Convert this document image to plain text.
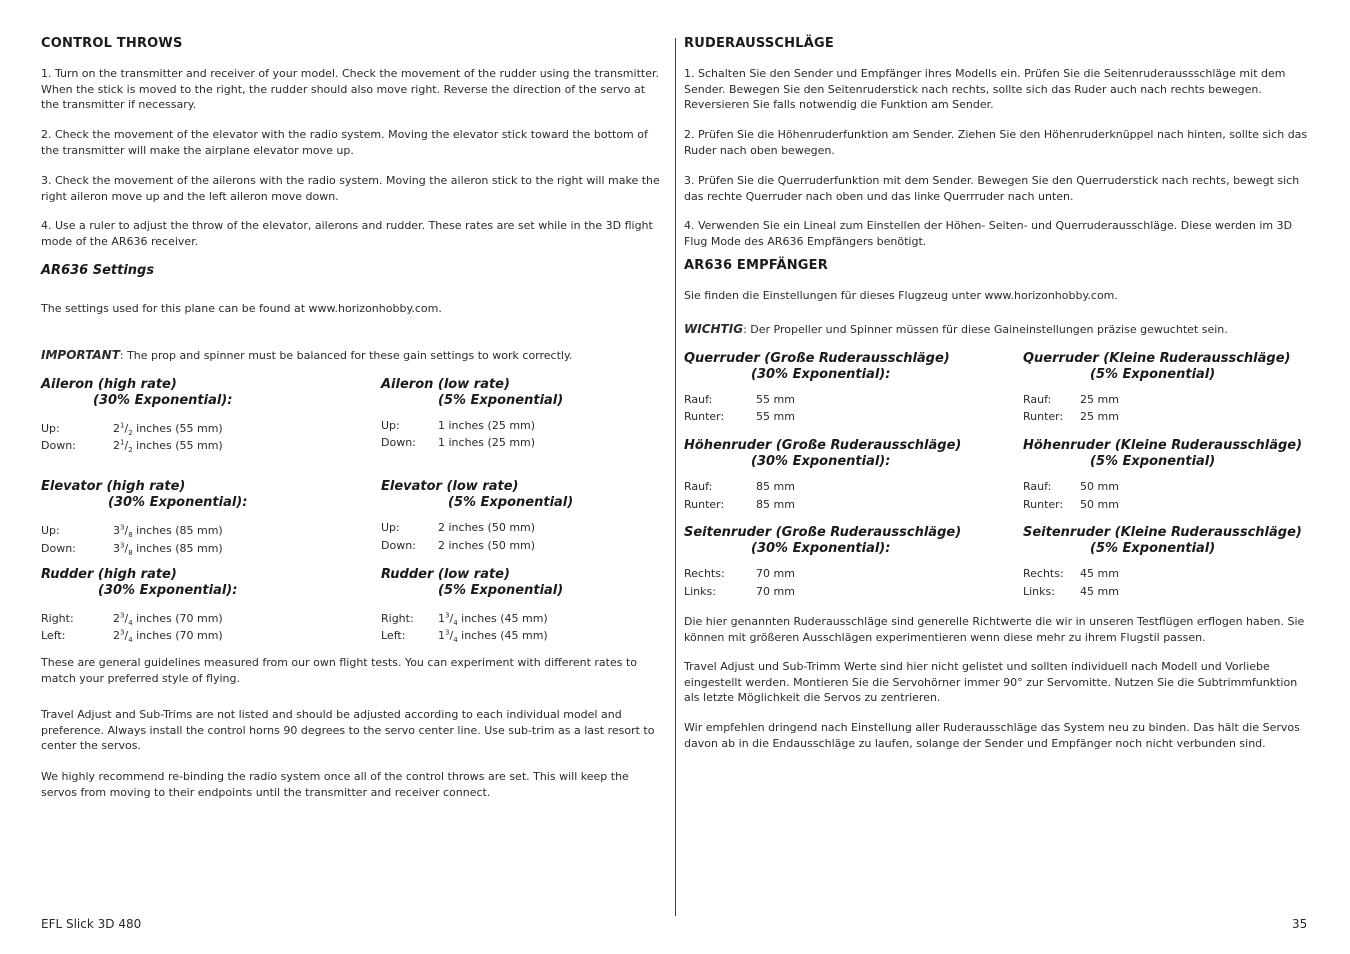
CONTROL THROWS
1. Turn on the transmitter and receiver of your model. Check the movement of the rudder using the transmitter. When the stick is moved to the right, the rudder should also move right. Reverse the direction of the servo at the transmitter if necessary.
2. Check the movement of the elevator with the radio system. Moving the elevator stick toward the bottom of the transmitter will make the airplane elevator move up.
3. Check the movement of the ailerons with the radio system. Moving the aileron stick to the right will make the right aileron move up and the left aileron move down.
4. Use a ruler to adjust the throw of the elevator, ailerons and rudder. These rates are set while in the 3D flight mode of the AR636 receiver.
AR636 Settings
The settings used for this plane can be found at www.horizonhobby.com.
IMPORTANT: The prop and spinner must be balanced for these gain settings to work correctly.
Aileron (high rate)
(30% Exponential):
Up:	$2^1/_2$ inches (55 mm)
Down:	$2^1/_2$ inches (55 mm)
Aileron (low rate)
(5% Exponential)
Up:	1 inches (25 mm)
Down: 1 inches (25 mm)
Elevator (high rate)
(30% Exponential):
Up:	$3^3/_8$ inches (85 mm)
Down:	$3^3/_8$ inches (85 mm)
Elevator (low rate)
(5% Exponential)
Up:	2 inches (50 mm)
Down: 2 inches (50 mm)
Rudder (high rate)
(30% Exponential):
Right:	$2^3/_4$ inches (70 mm)
Left:	$2^3/_4$ inches (70 mm)
Rudder (low rate)
(5% Exponential)
Right: $1^3/_4$ inches (45 mm)
Left:	$1^3/_4$ inches (45 mm)
These are general guidelines measured from our own flight tests. You can experiment with different rates to match your preferred style of flying.
Travel Adjust and Sub-Trims are not listed and should be adjusted according to each individual model and preference. Always install the control horns 90 degrees to the servo center line. Use sub-trim as a last resort to center the servos.
We highly recommend re-binding the radio system once all of the control throws are set. This will keep the servos from moving to their endpoints until the transmitter and receiver connect.
RUDERAUSSCHLÄGE
1. Schalten Sie den Sender und Empfänger ihres Modells ein. Prüfen Sie die Seitenruderaussschläge mit dem Sender. Bewegen Sie den Seitenruderstick nach rechts, sollte sich das Ruder auch nach rechts bewegen. Reversieren Sie falls notwendig die Funktion am Sender.
2. Prüfen Sie die Höhenruderfunktion am Sender. Ziehen Sie den Höhenruderknüppel nach hinten, sollte sich das Ruder nach oben bewegen.
3. Prüfen Sie die Querruderfunktion mit dem Sender. Bewegen Sie den Querruderstick nach rechts, bewegt sich das rechte Querruder nach oben und das linke Querrruder nach unten.
4. Verwenden Sie ein Lineal zum Einstellen der Höhen- Seiten- und Querruderausschläge. Diese werden im 3D Flug Mode des AR636 Empfängers benötigt.
AR636 EMPFÄNGER
Sie finden die Einstellungen für dieses Flugzeug unter www.horizonhobby.com.
WICHTIG: Der Propeller und Spinner müssen für diese Gaineinstellungen präzise gewuchtet sein.
Querruder (Große Ruderausschläge)
(30% Exponential):
Rauf:	55 mm
Runter:	55 mm
Querruder (Kleine Ruderausschläge)
(5% Exponential)
Rauf:	25 mm
Runter: 25 mm
Höhenruder (Große Ruderausschläge)
(30% Exponential):
Rauf:	85 mm
Runter:	85 mm
Höhenruder (Kleine Ruderausschläge)
(5% Exponential)
Rauf:	50 mm
Runter: 50 mm
Seitenruder (Große Ruderausschläge)
(30% Exponential):
Rechts:	70 mm
Links:	70 mm
Seitenruder (Kleine Ruderausschläge)
(5% Exponential)
Rechts: 45 mm
Links: 45 mm
Die hier genannten Ruderausschläge sind generelle Richtwerte die wir in unseren Testflügen erflogen haben. Sie können mit größeren Ausschlägen experimentieren wenn diese mehr zu ihrem Flugstil passen.
Travel Adjust und Sub-Trimm Werte sind hier nicht gelistet und sollten individuell nach Modell und Vorliebe eingestellt werden. Montieren Sie die Servohörner immer 90° zur Servomitte. Nutzen Sie die Subtrimmfunktion als letzte Möglichkeit die Servos zu zentrieren.
Wir empfehlen dringend nach Einstellung aller Ruderausschläge das System neu zu binden. Das hält die Servos davon ab in die Endausschläge zu laufen, solange der Sender und Empfänger noch nicht verbunden sind.
EFL Slick 3D 480	35
